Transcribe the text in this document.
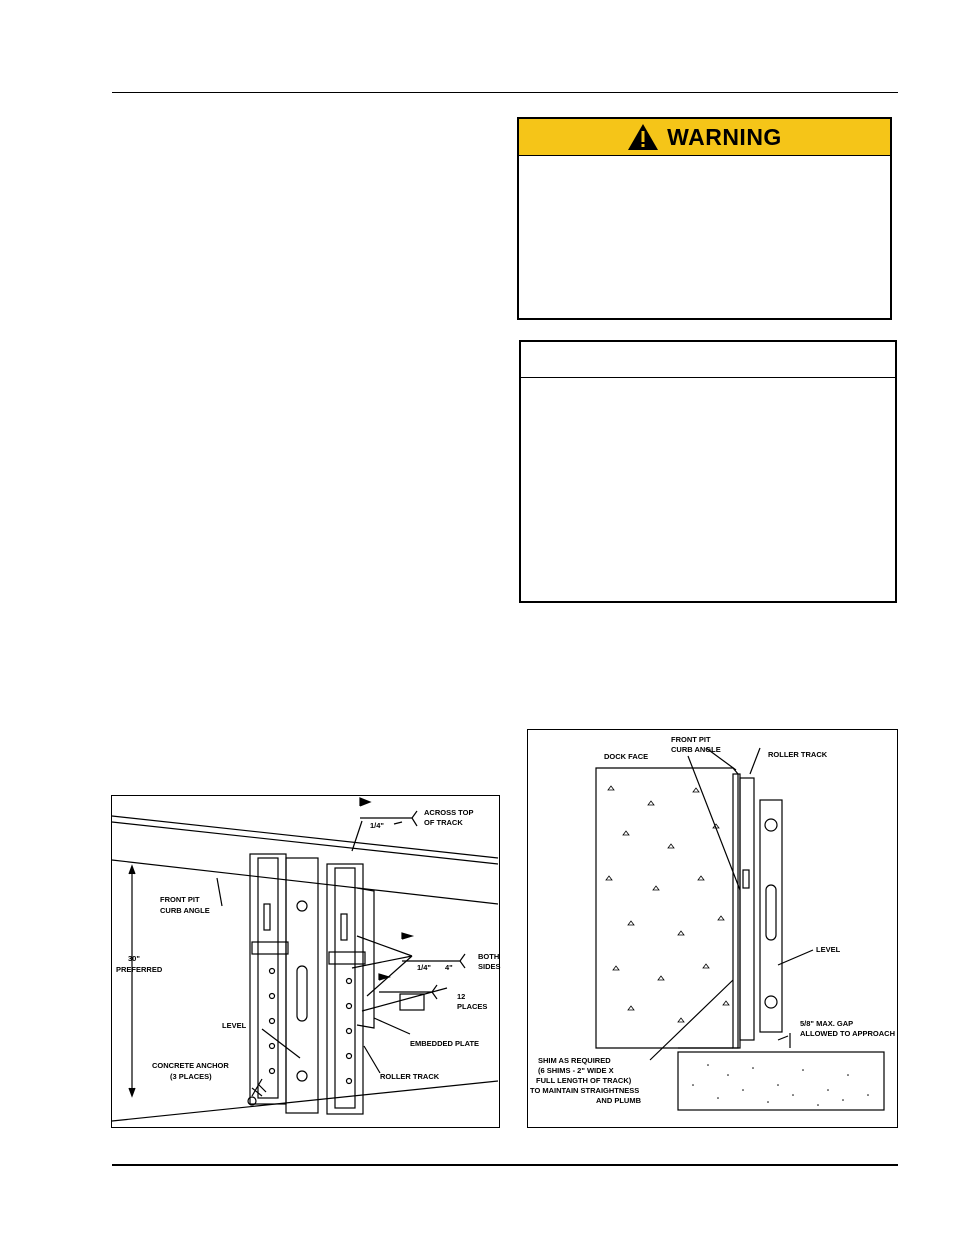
WARNING
ACROSS TOP
OF TRACK
1/4"
FRONT PIT
CURB ANGLE
30"
PREFERRED
BOTH
SIDES
1/4" 4"
12
PLACES
EMBEDDED PLATE
LEVEL
CONCRETE ANCHOR
(3 PLACES)	ROLLER TRACK
FRONT PIT
CURB ANGLE
DOCK FACE	ROLLER TRACK
LEVEL
5/8" MAX. GAP
ALLOWED TO APPROACH
SHIM AS REQUIRED
(6 SHIMS - 2" WIDE X
FULL LENGTH OF TRACK)
TO MAINTAIN STRAIGHTNESS
AND PLUMB
